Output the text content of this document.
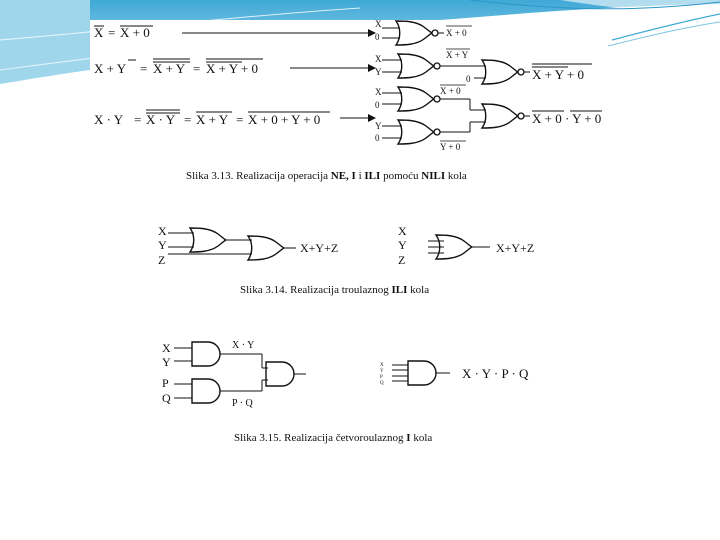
X = X + 0
X + Y = X + Y = X + Y + 0
X · Y = X · Y = X + Y = X + 0 + Y + 0
X
0	X + 0
X
Y
X + Y
0	X + Y + 0
X
0
X + 0
Y
0
Y + 0
X + 0 · Y + 0
X
Y
Z
X+Y+Z
X
Y
Z
X+Y+Z
X
Y
P
Q
X · Y
P · Q
X
Y
P
Q
X · Y · P · Q
Slika 3.13. Realizacija operacija NE, I i ILI pomoću NILI kola
Slika 3.14. Realizacija troulaznog ILI kola
Slika 3.15. Realizacija četvoroulaznog I kola
